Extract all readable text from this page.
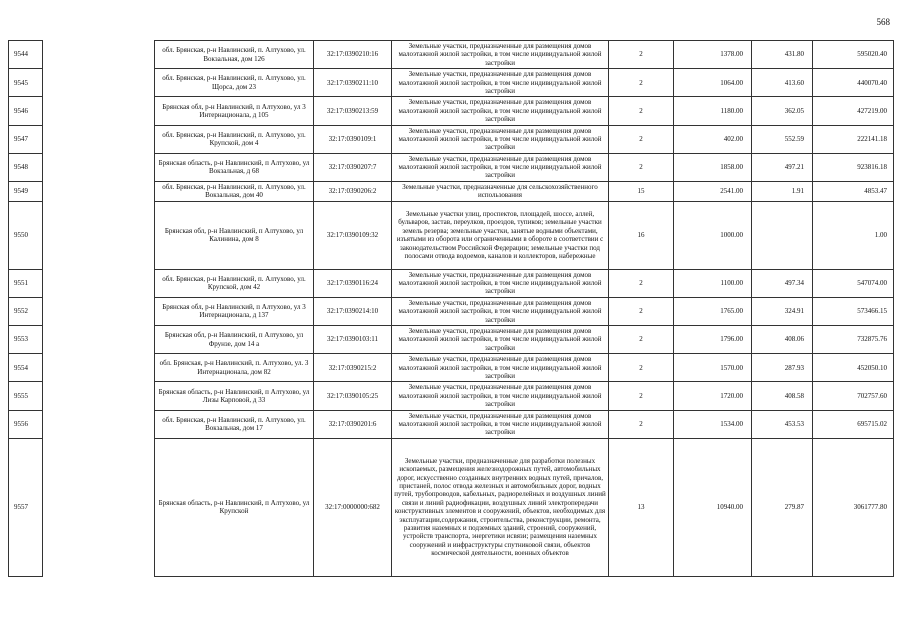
568
9544		обл. Брянская, р-н Навлинский, п. Алтухово, ул. Вокзальная, дом 126	32:17:0390210:16	Земельные участки, предназначенные для размещения домов малоэтажной жилой застройки, в том числе индивидуальной жилой застройки	2	1378.00	431.80	595020.40
9545		обл. Брянская, р-н Навлинский, п. Алтухово, ул. Щорса, дом 23	32:17:0390211:10	Земельные участки, предназначенные для размещения домов малоэтажной жилой застройки, в том числе индивидуальной жилой застройки	2	1064.00	413.60	440070.40
9546		Брянская обл, р-н Навлинский, п Алтухово, ул 3 Интернационала, д 105	32:17:0390213:59	Земельные участки, предназначенные для размещения домов малоэтажной жилой застройки, в том числе индивидуальной жилой застройки	2	1180.00	362.05	427219.00
9547		обл. Брянская, р-н Навлинский, п. Алтухово, ул. Крупской, дом 4	32:17:0390109:1	Земельные участки, предназначенные для размещения домов малоэтажной жилой застройки, в том числе индивидуальной жилой застройки	2	402.00	552.59	222141.18
9548		Брянская область, р-н Навлинский, п Алтухово, ул Вокзальная, д 68	32:17:0390207:7	Земельные участки, предназначенные для размещения домов малоэтажной жилой застройки, в том числе индивидуальной жилой застройки	2	1858.00	497.21	923816.18
9549		обл. Брянская, р-н Навлинский, п. Алтухово, ул. Вокзальная, дом 40	32:17:0390206:2	Земельные участки, предназначенные для сельскохозяйственного использования	15	2541.00	1.91	4853.47
9550		Брянская обл, р-н Навлинский, п Алтухово, ул Калинина, дом 8	32:17:0390109:32	Земельные участки улиц, проспектов, площадей, шоссе, аллей, бульваров, застав, переулков, проездов, тупиков; земельные участки земель резерва; земельные участки, занятые водными объектами, изъятыми из оборота или ограниченными в обороте в соответствии с законодательством Российской Федерации; земельные участки под полосами отвода водоемов, каналов и коллекторов, набережные	16	1000.00		1.00
9551		обл. Брянская, р-н Навлинский, п. Алтухово, ул. Крупской, дом 42	32:17:0390116:24	Земельные участки, предназначенные для размещения домов малоэтажной жилой застройки, в том числе индивидуальной жилой застройки	2	1100.00	497.34	547074.00
9552		Брянская обл, р-н Навлинский, п Алтухово, ул 3 Интернационала, д 137	32:17:0390214:10	Земельные участки, предназначенные для размещения домов малоэтажной жилой застройки, в том числе индивидуальной жилой застройки	2	1765.00	324.91	573466.15
9553		Брянская обл, р-н Навлинский, п Алтухово, ул Фрунзе, дом 14 а	32:17:0390103:11	Земельные участки, предназначенные для размещения домов малоэтажной жилой застройки, в том числе индивидуальной жилой застройки	2	1796.00	408.06	732875.76
9554		обл. Брянская, р-н Навлинский, п. Алтухово, ул. 3 Интернационала, дом 82	32:17:0390215:2	Земельные участки, предназначенные для размещения домов малоэтажной жилой застройки, в том числе индивидуальной жилой застройки	2	1570.00	287.93	452050.10
9555		Брянская область, р-н Навлинский, п Алтухово, ул Лизы Карповой, д 33	32:17:0390105:25	Земельные участки, предназначенные для размещения домов малоэтажной жилой застройки, в том числе индивидуальной жилой застройки	2	1720.00	408.58	702757.60
9556		обл. Брянская, р-н Навлинский, п. Алтухово, ул. Вокзальная, дом 17	32:17:0390201:6	Земельные участки, предназначенные для размещения домов малоэтажной жилой застройки, в том числе индивидуальной жилой застройки	2	1534.00	453.53	695715.02
9557		Брянская область, р-н Навлинский, п Алтухово, ул Крупской	32:17:0000000:682	Земельные участки, предназначенные для разработки полезных ископаемых, размещения железнодорожных путей, автомобильных дорог, искусственно созданных внутренних водных путей, причалов, пристаней, полос отвода железных и автомобильных дорог, водных путей, трубопроводов, кабельных, радиорелейных и воздушных линий связи и линий радиофикации, воздушных линий электропередачи конструктивных элементов и сооружений, объектов, необходимых для эксплуатации,содержания, строительства, реконструкции, ремонта, развития наземных и подземных зданий, строений, сооружений, устройств транспорта, энергетики исвязи; размещения наземных сооружений и инфраструктуры спутниковой связи, объектов космической деятельности, военных объектов	13	10940.00	279.87	3061777.80
